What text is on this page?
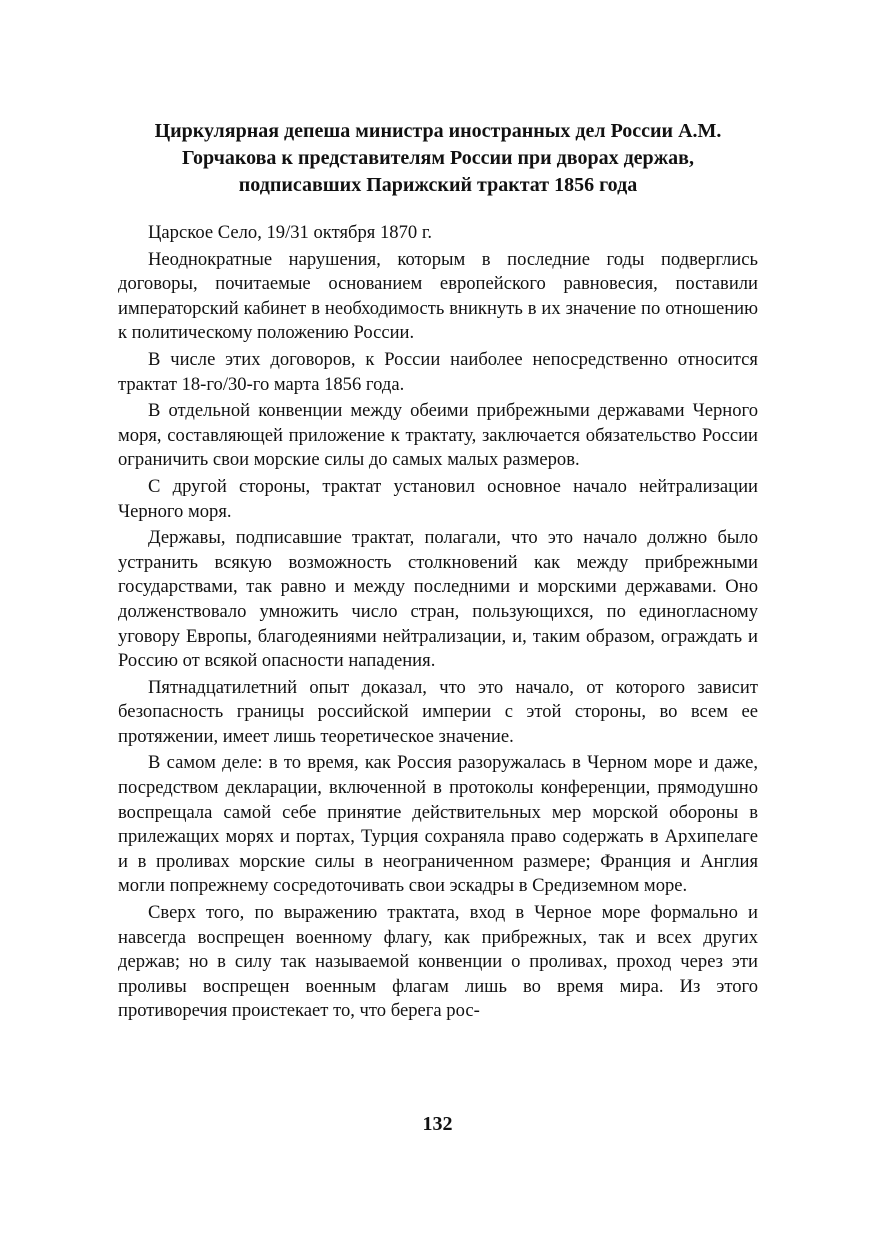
Циркулярная депеша министра иностранных дел России А.М. Горчакова к представителям России при дворах держав, подписавших Парижский трактат 1856 года

Царское Село, 19/31 октября 1870 г.

Неоднократные нарушения, которым в последние годы подверглись договоры, почитаемые основанием европейского равновесия, поставили императорский кабинет в необходимость вникнуть в их значение по отношению к политическому положению России.

В числе этих договоров, к России наиболее непосредственно относится трактат 18-го/30-го марта 1856 года.

В отдельной конвенции между обеими прибрежными державами Черного моря, составляющей приложение к трактату, заключается обязательство России ограничить свои морские силы до самых малых размеров.

С другой стороны, трактат установил основное начало нейтрализации Черного моря.

Державы, подписавшие трактат, полагали, что это начало должно было устранить всякую возможность столкновений как между прибрежными государствами, так равно и между последними и морскими державами. Оно долженствовало умножить число стран, пользующихся, по единогласному уговору Европы, благодеяниями нейтрализации, и, таким образом, ограждать и Россию от всякой опасности нападения.

Пятнадцатилетний опыт доказал, что это начало, от которого зависит безопасность границы российской империи с этой стороны, во всем ее протяжении, имеет лишь теоретическое значение.

В самом деле: в то время, как Россия разоружалась в Черном море и даже, посредством декларации, включенной в протоколы конференции, прямодушно воспрещала самой себе принятие действительных мер морской обороны в прилежащих морях и портах, Турция сохраняла право содержать в Архипелаге и в проливах морские силы в неограниченном размере; Франция и Англия могли попрежнему сосредоточивать свои эскадры в Средиземном море.

Сверх того, по выражению трактата, вход в Черное море формально и навсегда воспрещен военному флагу, как прибрежных, так и всех других держав; но в силу так называемой конвенции о проливах, проход через эти проливы воспрещен военным флагам лишь во время мира. Из этого противоречия проистекает то, что берега рос-

132
